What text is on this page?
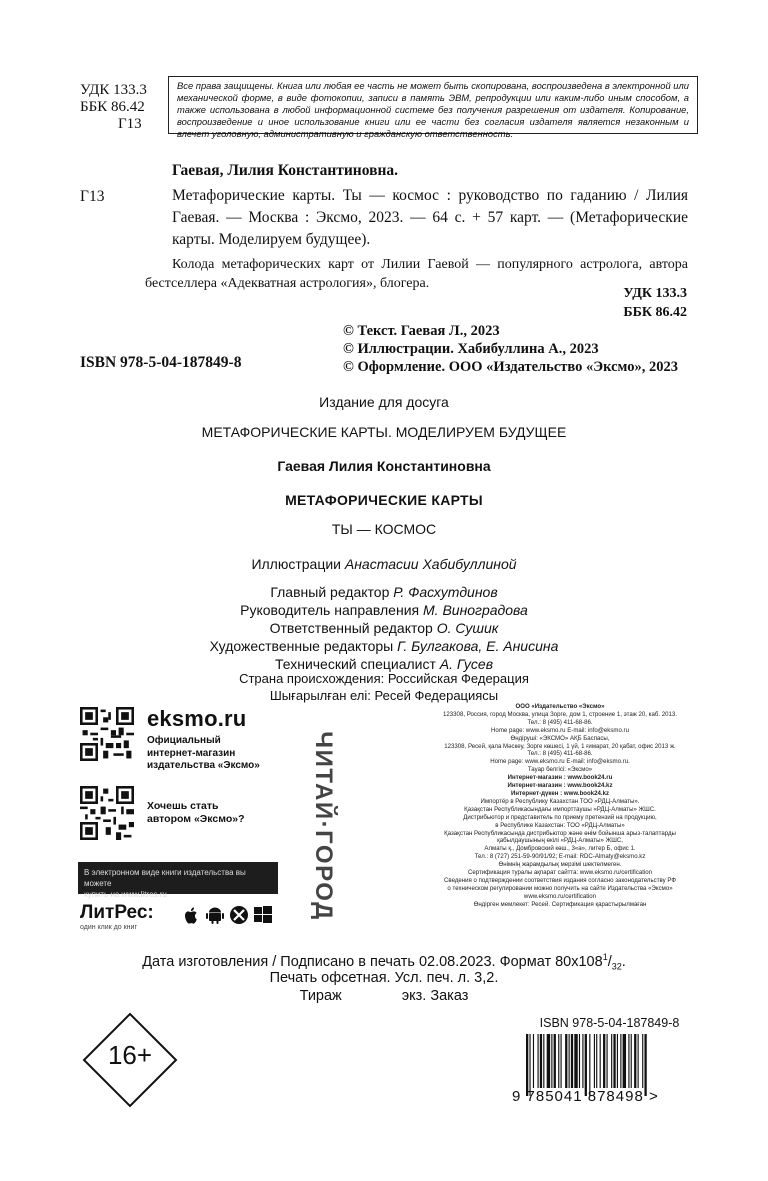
УДК 133.3
ББК 86.42
Г13
Все права защищены. Книга или любая ее часть не может быть скопирована, воспроизведена в электронной или механической форме, в виде фотокопии, записи в память ЭВМ, репродукции или каким-либо иным способом, а также использована в любой информационной системе без получения разрешения от издателя. Копирование, воспроизведение и иное использование книги или ее части без согласия издателя является незаконным и влечет уголовную, административную и гражданскую ответственность.
Гаевая, Лилия Константиновна.
Г13	Метафорические карты. Ты — космос : руководство по гаданию / Лилия Гаевая. — Москва : Эксмо, 2023. — 64 с. + 57 карт. — (Метафорические карты. Моделируем будущее).
Колода метафорических карт от Лилии Гаевой — популярного астролога, автора бестселлера «Адекватная астрология», блогера.
УДК 133.3
ББК 86.42
ISBN 978-5-04-187849-8
© Текст. Гаевая Л., 2023
© Иллюстрации. Хабибуллина А., 2023
© Оформление. ООО «Издательство «Эксмо», 2023
Издание для досуга
МЕТАФОРИЧЕСКИЕ КАРТЫ. МОДЕЛИРУЕМ БУДУЩЕЕ
Гаевая Лилия Константиновна
МЕТАФОРИЧЕСКИЕ КАРТЫ
ТЫ — КОСМОС
Иллюстрации Анастасии Хабибуллиной
Главный редактор Р. Фасхутдинов
Руководитель направления М. Виноградова
Ответственный редактор О. Сушик
Художественные редакторы Г. Булгакова, Е. Анисина
Технический специалист А. Гусев
Страна происхождения: Российская Федерация
Шығарылған елі: Ресей Федерациясы
eksmo.ru
Официальный
интернет-магазин
издательства «Эксмо»
Хочешь стать
автором «Эксмо»?
В электронном виде книги издательства вы можете
купить на www.litres.ru
ЛитРес:
один клик до книг
ЧИТАЙ·ГОРОД
ООО «Издательство «Эксмо»
123308, Россия, город Москва, улица Зорге, дом 1, строение 1, этаж 20, каб. 2013.
Тел.: 8 (495) 411-68-86.
Home page: www.eksmo.ru E-mail: info@eksmo.ru
Өндіруші: «ЭКСМО» АҚБ Баспасы,
123308, Ресей, қала Мәскеу, Зорге көшесі, 1 үй, 1 ғимарат, 20 қабат, офис 2013 ж.
Тел.: 8 (495) 411-68-86.
Home page: www.eksmo.ru E-mail: info@eksmo.ru.
Тауар белгісі: «Эксмо»
Интернет-магазин : www.book24.ru
Интернет-магазин : www.book24.kz
Интернет-дүкен : www.book24.kz
Импортёр в Республику Казахстан ТОО «РДЦ-Алматы».
Қазақстан Республикасындағы импорттаушы «РДЦ-Алматы» ЖШС.
Дистрибьютор и представитель по приему претензий на продукцию,
в Республике Казахстан: ТОО «РДЦ-Алматы»
Қазақстан Республикасында дистрибьютор және өнім бойынша арыз-талаптарды
қабылдаушының өкілі «РДЦ-Алматы» ЖШС,
Алматы қ., Домбровский көш., 3«а», литер Б, офис 1.
Тел.: 8 (727) 251-59-90/91/92; E-mail: RDC-Almaty@eksmo.kz
Өнімнің жарамдылық мерзімі шектелмеген.
Сертификация туралы ақпарат сайтта: www.eksmo.ru/certification
Сведения о подтверждении соответствия издания согласно законодательству РФ
о техническом регулировании можно получить на сайте Издательства «Эксмо»
www.eksmo.ru/certification
Өндірген мемлекет: Ресей. Сертификация қарастырылмаған
Дата изготовления / Подписано в печать 02.08.2023. Формат $80x108^1/_{32}$.
Печать офсетная. Усл. печ. л. 3,2.
Тираж	экз. Заказ
16+
ISBN 978-5-04-187849-8
9 785041 878498 >
